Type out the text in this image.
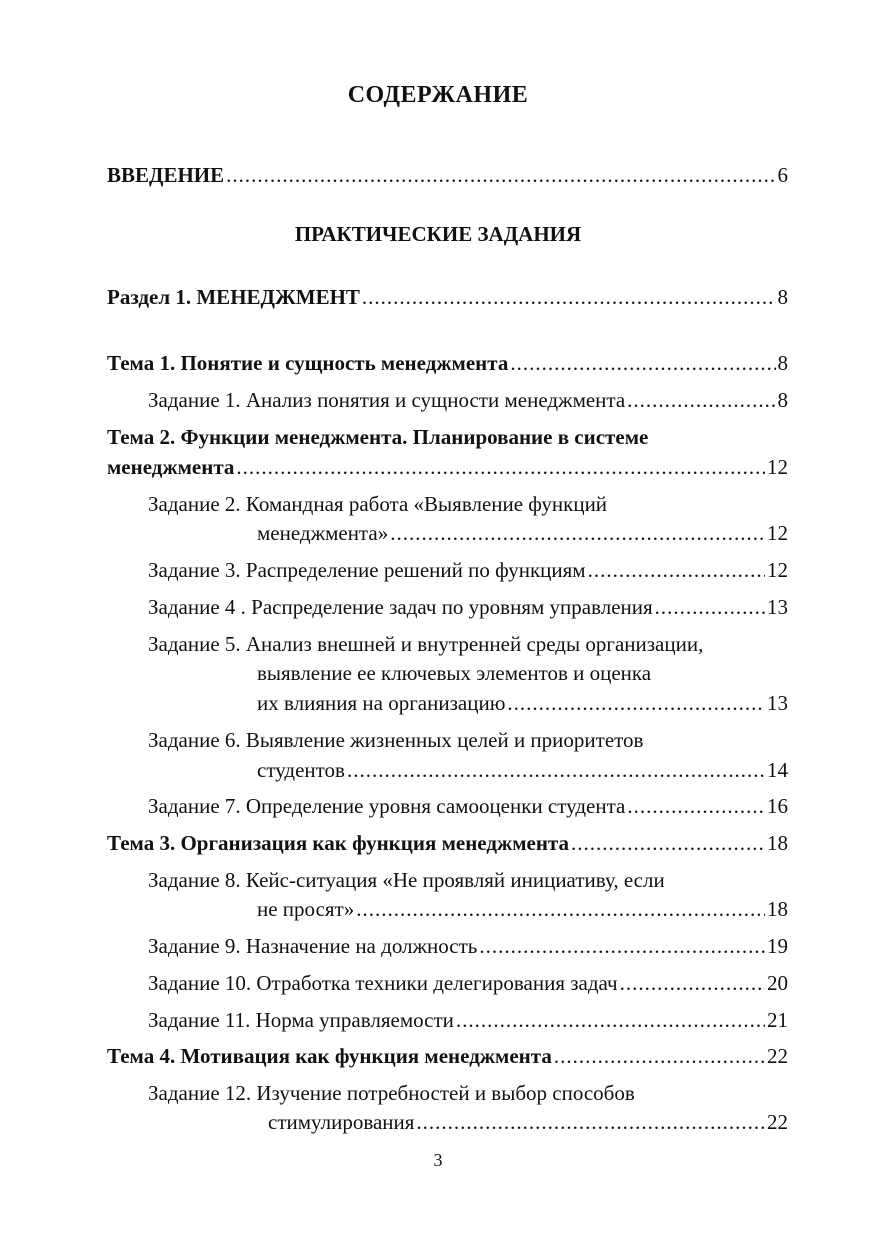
СОДЕРЖАНИЕ
ВВЕДЕНИЕ .....	6
ПРАКТИЧЕСКИЕ ЗАДАНИЯ
Раздел 1. МЕНЕДЖМЕНТ .....	8
Тема 1. Понятие и сущность менеджмента .....	8
Задание 1. Анализ понятия и сущности менеджмента .....	8
Тема 2. Функции менеджмента. Планирование в системе
менеджмента .....	12
Задание 2. Командная работа «Выявление функций
менеджмента» .....	12
Задание 3. Распределение решений по функциям .....	12
Задание 4 . Распределение задач по уровням управления .....	13
Задание 5. Анализ внешней и внутренней среды организации,
выявление ее ключевых элементов и оценка
их влияния на организацию .....	13
Задание 6. Выявление жизненных целей и приоритетов
студентов .....	14
Задание 7. Определение уровня самооценки студента .....	16
Тема 3. Организация как функция менеджмента .....	18
Задание 8. Кейс-ситуация «Не проявляй инициативу, если
не просят» .....	18
Задание 9. Назначение на должность .....	19
Задание 10. Отработка техники делегирования задач .....	20
Задание 11. Норма управляемости .....	21
Тема 4. Мотивация как функция менеджмента .....	22
Задание 12. Изучение потребностей и выбор способов
стимулирования .....	22
3
